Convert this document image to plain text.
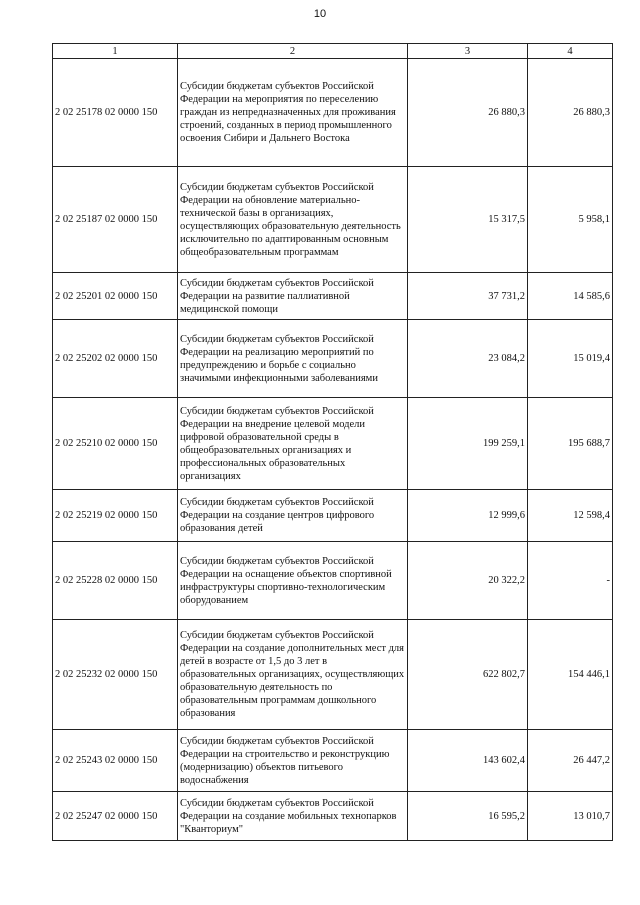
10
1	2	3	4
2 02 25178 02 0000 150	Субсидии бюджетам субъектов Российской Федерации на мероприятия по переселению граждан из непредназначенных для проживания строений, созданных в период промышленного освоения Сибири и Дальнего Востока	26 880,3	26 880,3
2 02 25187 02 0000 150	Субсидии бюджетам субъектов Российской Федерации на обновление материально-технической базы в организациях, осуществляющих образовательную деятельность исключительно по адаптированным основным общеобразовательным программам	15 317,5	5 958,1
2 02 25201 02 0000 150	Субсидии бюджетам субъектов Российской Федерации на развитие паллиативной медицинской помощи	37 731,2	14 585,6
2 02 25202 02 0000 150	Субсидии бюджетам субъектов Российской Федерации на реализацию мероприятий по предупреждению и борьбе с социально значимыми инфекционными заболеваниями	23 084,2	15 019,4
2 02 25210 02 0000 150	Субсидии бюджетам субъектов Российской Федерации на внедрение целевой модели цифровой образовательной среды в общеобразовательных организациях и профессиональных образовательных организациях	199 259,1	195 688,7
2 02 25219 02 0000 150	Субсидии бюджетам субъектов Российской Федерации на создание центров цифрового образования детей	12 999,6	12 598,4
2 02 25228 02 0000 150	Субсидии бюджетам субъектов Российской Федерации на оснащение объектов спортивной инфраструктуры спортивно-технологическим оборудованием	20 322,2	-
2 02 25232 02 0000 150	Субсидии бюджетам субъектов Российской Федерации на создание дополнительных мест для детей в возрасте от 1,5 до 3 лет в образовательных организациях, осуществляющих образовательную деятельность по образовательным программам дошкольного образования	622 802,7	154 446,1
2 02 25243 02 0000 150	Субсидии бюджетам субъектов Российской Федерации на строительство и реконструкцию (модернизацию) объектов питьевого водоснабжения	143 602,4	26 447,2
2 02 25247 02 0000 150	Субсидии бюджетам субъектов Российской Федерации на создание мобильных технопарков "Кванториум"	16 595,2	13 010,7
